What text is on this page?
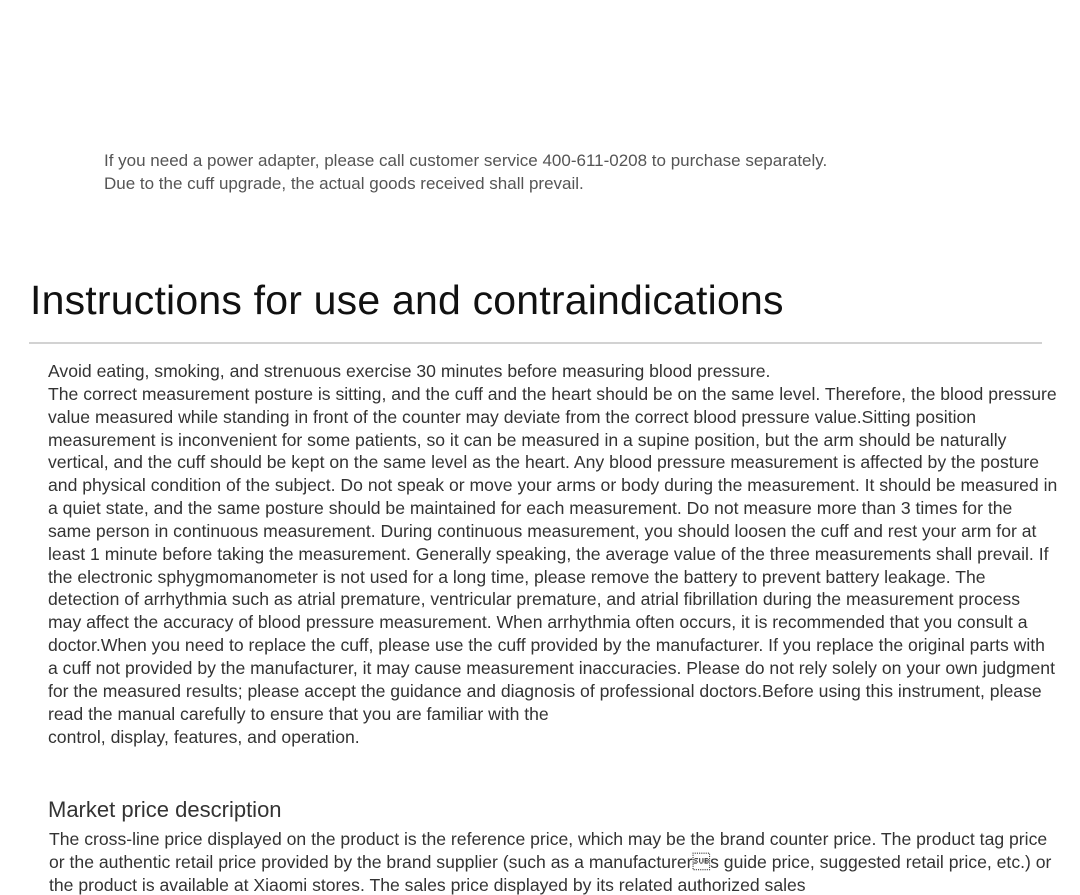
If you need a power adapter, please call customer service 400-611-0208 to purchase separately.

Due to the cuff upgrade, the actual goods received shall prevail.

Instructions for use and contraindications

Avoid eating, smoking, and strenuous exercise 30 minutes before measuring blood pressure.

The correct measurement posture is sitting, and the cuff and the heart should be on the same level. Therefore, the blood pressure value measured while standing in front of the counter may deviate from the correct blood pressure value.Sitting position measurement is inconvenient for some patients, so it can be measured in a supine position, but the arm should be naturally vertical, and the cuff should be kept on the same level as the heart. Any blood pressure measurement is affected by the posture and physical condition of the subject. Do not speak or move your arms or body during the measurement. It should be measured in a quiet state, and the same posture should be maintained for each measurement. Do not measure more than 3 times for the same person in continuous measurement. During continuous measurement, you should loosen the cuff and rest your arm for at least 1 minute before taking the measurement. Generally speaking, the average value of the three measurements shall prevail. If the electronic sphygmomanometer is not used for a long time, please remove the battery to prevent battery leakage. The detection of arrhythmia such as atrial premature, ventricular premature, and atrial fibrillation during the measurement process may affect the accuracy of blood pressure measurement. When arrhythmia often occurs, it is recommended that you consult a doctor.When you need to replace the cuff, please use the cuff provided by the manufacturer. If you replace the original parts with a cuff not provided by the manufacturer, it may cause measurement inaccuracies. Please do not rely solely on your own judgment for the measured results; please accept the guidance and diagnosis of professional doctors.Before using this instrument, please read the manual carefully to ensure that you are familiar with the

control, display, features, and operation.

Market price description

The cross-line price displayed on the product is the reference price, which may be the brand counter price. The product tag price or the authentic retail price provided by the brand supplier (such as a manufacturers guide price, suggested retail price, etc.) or the product is available at Xiaomi stores. The sales price displayed by its related authorized sales
